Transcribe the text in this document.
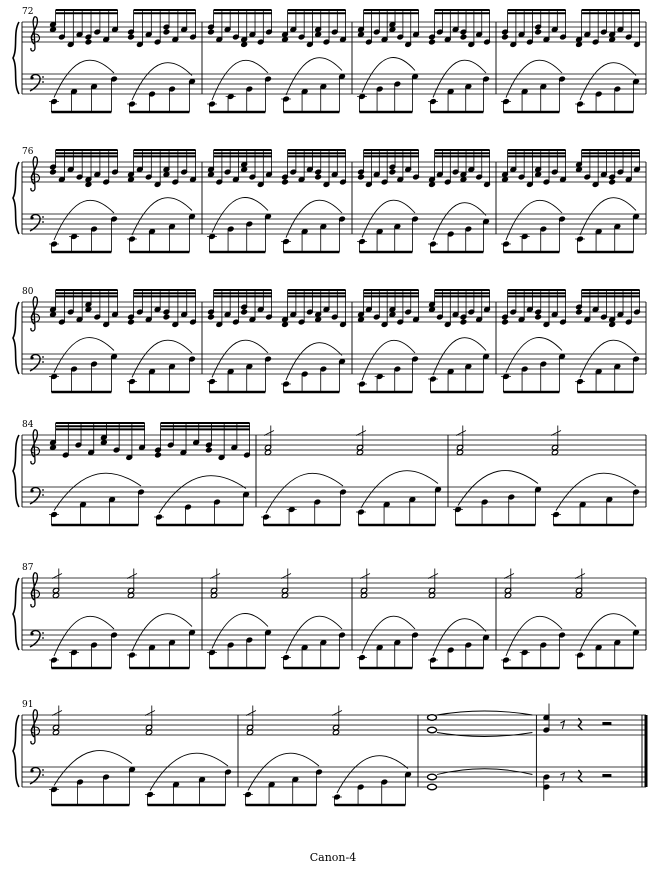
72
76
80
84
87
91
Canon-4
